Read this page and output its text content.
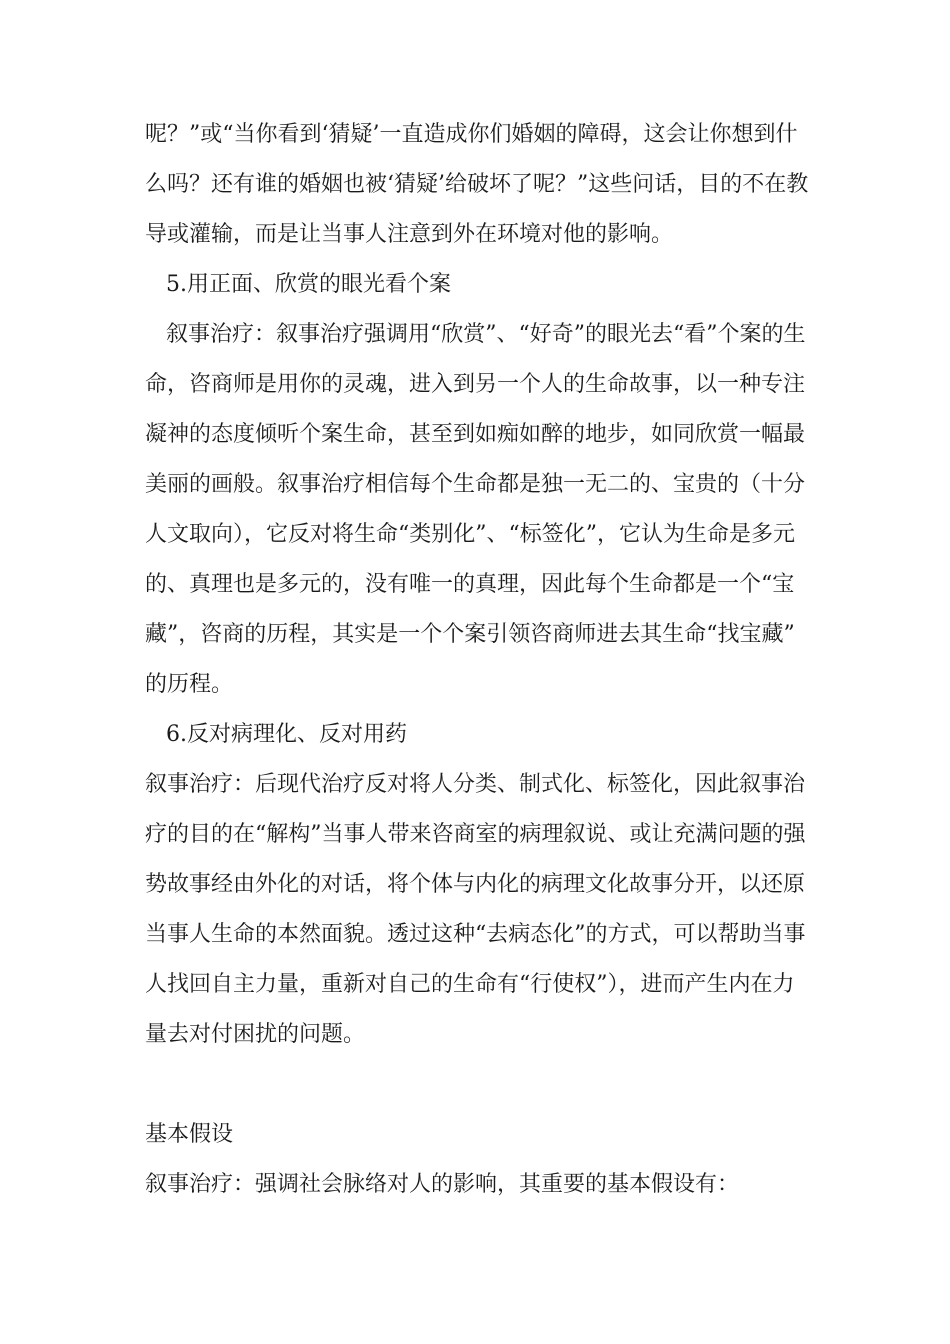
呢？”或“当你看到‘猜疑’一直造成你们婚姻的障碍，这会让你想到什

么吗？还有谁的婚姻也被‘猜疑’给破坏了呢？”这些问话，目的不在教

导或灌输，而是让当事人注意到外在环境对他的影响。

5.用正面、欣赏的眼光看个案

叙事治疗：叙事治疗强调用“欣赏”、“好奇”的眼光去“看”个案的生

命，咨商师是用你的灵魂，进入到另一个人的生命故事，以一种专注

凝神的态度倾听个案生命，甚至到如痴如醉的地步，如同欣赏一幅最

美丽的画般。叙事治疗相信每个生命都是独一无二的、宝贵的（十分

人文取向），它反对将生命“类别化”、“标签化”，它认为生命是多元

的、真理也是多元的，没有唯一的真理，因此每个生命都是一个“宝

藏”，咨商的历程，其实是一个个案引领咨商师进去其生命“找宝藏”

的历程。

6.反对病理化、反对用药

叙事治疗：后现代治疗反对将人分类、制式化、标签化，因此叙事治

疗的目的在“解构”当事人带来咨商室的病理叙说、或让充满问题的强

势故事经由外化的对话，将个体与内化的病理文化故事分开，以还原

当事人生命的本然面貌。透过这种“去病态化”的方式，可以帮助当事

人找回自主力量，重新对自己的生命有“行使权”），进而产生内在力

量去对付困扰的问题。

基本假设

叙事治疗：强调社会脉络对人的影响，其重要的基本假设有：
